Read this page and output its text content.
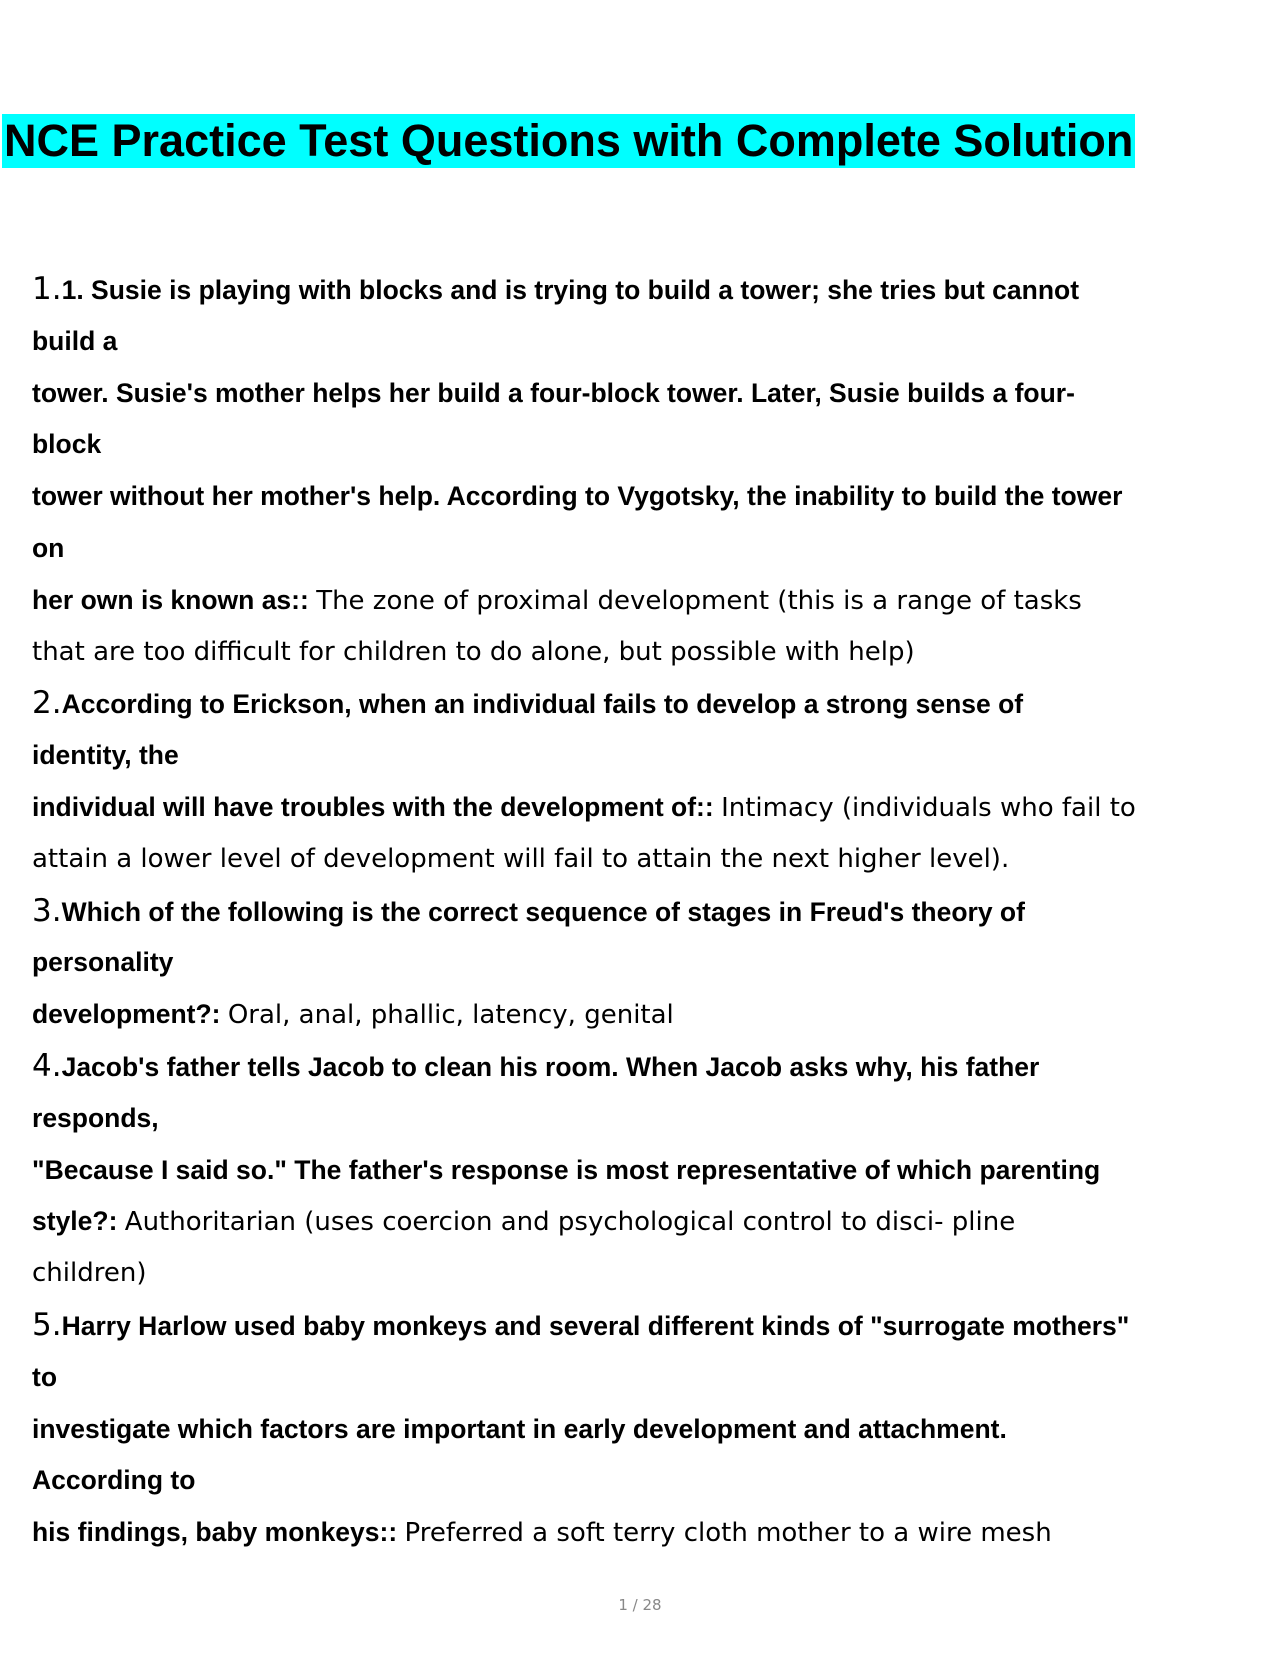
NCE Practice Test Questions with Complete Solution
1.1. Susie is playing with blocks and is trying to build a tower; she tries but cannot
build a
tower. Susie's mother helps her build a four-block tower. Later, Susie builds a four-
block
tower without her mother's help. According to Vygotsky, the inability to build the tower
on
her own is known as:: The zone of proximal development (this is a range of tasks
that are too difficult for children to do alone, but possible with help)
2.According to Erickson, when an individual fails to develop a strong sense of
identity, the
individual will have troubles with the development of:: Intimacy (individuals who fail to
attain a lower level of development will fail to attain the next higher level).
3.Which of the following is the correct sequence of stages in Freud's theory of
personality
development?: Oral, anal, phallic, latency, genital
4.Jacob's father tells Jacob to clean his room. When Jacob asks why, his father
responds,
"Because I said so." The father's response is most representative of which parenting
style?: Authoritarian (uses coercion and psychological control to disci- pline
children)
5.Harry Harlow used baby monkeys and several different kinds of "surrogate mothers"
to
investigate which factors are important in early development and attachment.
According to
his findings, baby monkeys:: Preferred a soft terry cloth mother to a wire mesh
1 / 28
